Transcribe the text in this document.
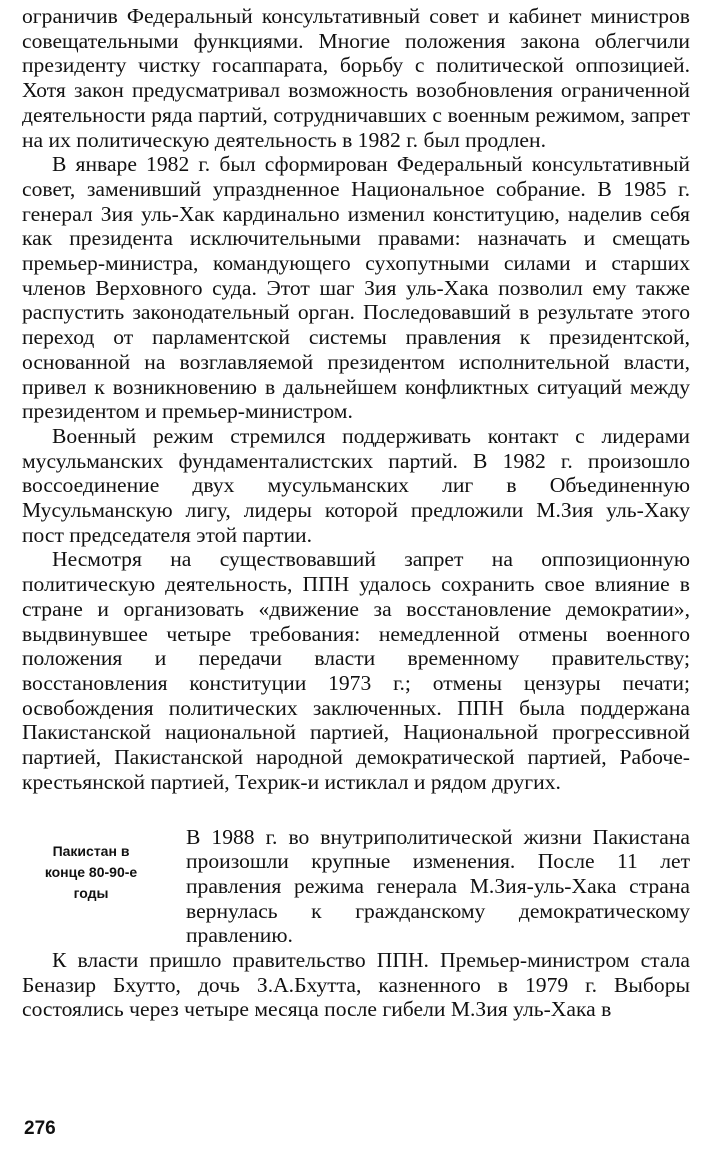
ограничив Федеральный консультативный совет и кабинет министров совещательными функциями. Многие положения закона облегчили президенту чистку госаппарата, борьбу с политической оппозицией. Хотя закон предусматривал возможность возобновления ограниченной деятельности ряда партий, сотрудничавших с военным режимом, запрет на их политическую деятельность в 1982 г. был продлен.

В январе 1982 г. был сформирован Федеральный консультативный совет, заменивший упраздненное Национальное собрание. В 1985 г. генерал Зия уль-Хак кардинально изменил конституцию, наделив себя как президента исключительными правами: назначать и смещать премьер-министра, командующего сухопутными силами и старших членов Верховного суда. Этот шаг Зия уль-Хака позволил ему также распустить законодательный орган. Последовавший в результате этого переход от парламентской системы правления к президентской, основанной на возглавляемой президентом исполнительной власти, привел к возникновению в дальнейшем конфликтных ситуаций между президентом и премьер-министром.

Военный режим стремился поддерживать контакт с лидерами мусульманских фундаменталистских партий. В 1982 г. произошло воссоединение двух мусульманских лиг в Объединенную Мусульманскую лигу, лидеры которой предложили М.Зия уль-Хаку пост председателя этой партии.

Несмотря на существовавший запрет на оппозиционную политическую деятельность, ППН удалось сохранить свое влияние в стране и организовать «движение за восстановление демократии», выдвинувшее четыре требования: немедленной отмены военного положения и передачи власти временному правительству; восстановления конституции 1973 г.; отмены цензуры печати; освобождения политических заключенных. ППН была поддержана Пакистанской национальной партией, Национальной прогрессивной партией, Пакистанской народной демократической партией, Рабоче-крестьянской партией, Техрик-и истиклал и рядом других.

Пакистан в
конце 80-90-е
годы

В 1988 г. во внутриполитической жизни Пакистана произошли крупные изменения. После 11 лет правления режима генерала М.Зия-уль-Хака страна вернулась к гражданскому демократическому правлению.

К власти пришло правительство ППН. Премьер-министром стала Беназир Бхутто, дочь З.А.Бхутта, казненного в 1979 г. Выборы состоялись через четыре месяца после гибели М.Зия уль-Хака в

276
